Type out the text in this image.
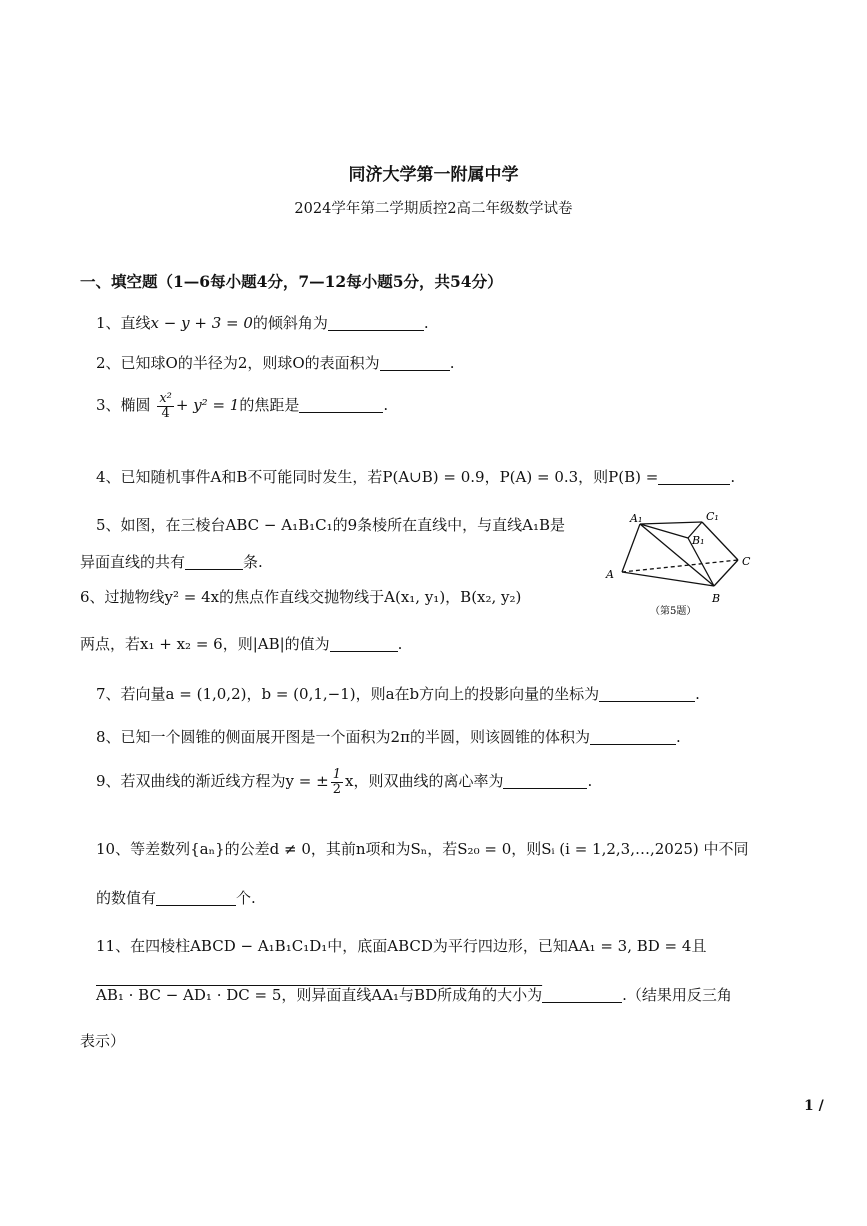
同济大学第一附属中学
2024学年第二学期质控2高二年级数学试卷
一、填空题（1—6每小题4分，7—12每小题5分，共54分）
1、直线x − y + 3 = 0的倾斜角为	.
2、已知球O的半径为2，则球O的表面积为	.
3、椭圆 $\frac{\text{x²}}{4} + y^2 = 1$的焦距是	.
4、已知随机事件A和B不可能同时发生，若P(A∪B) = 0.9，P(A) = 0.3，则P(B) =	.
5、如图，在三棱台ABC − A₁B₁C₁的9条棱所在直线中，与直线A₁B是
异面直线的共有	条.
6、过抛物线y² = 4x的焦点作直线交抛物线于A(x₁, y₁)，B(x₂, y₂)
两点，若x₁ + x₂ = 6，则|AB|的值为	.
A₁	C₁
B₁
A
B
C
（第5题）
7、若向量a = (1,0,2)，b = (0,1,−1)，则a在b方向上的投影向量的坐标为	.
8、已知一个圆锥的侧面展开图是一个面积为2π的半圆，则该圆锥的体积为	.
9、若双曲线的渐近线方程为y = ± $\frac{1}{2}$ x，则双曲线的离心率为	.
10、等差数列{aₙ}的公差d ≠ 0，其前n项和为Sₙ，若S₂₀ = 0，则Sᵢ (i = 1,2,3,…,2025) 中不同
的数值有	个.
11、在四棱柱ABCD − A₁B₁C₁D₁中，底面ABCD为平行四边形，已知AA₁ = 3, BD = 4且
AB₁ · BC − AD₁ · DC = 5，则异面直线AA₁与BD所成角的大小为	.（结果用反三角
表示）
1 /
